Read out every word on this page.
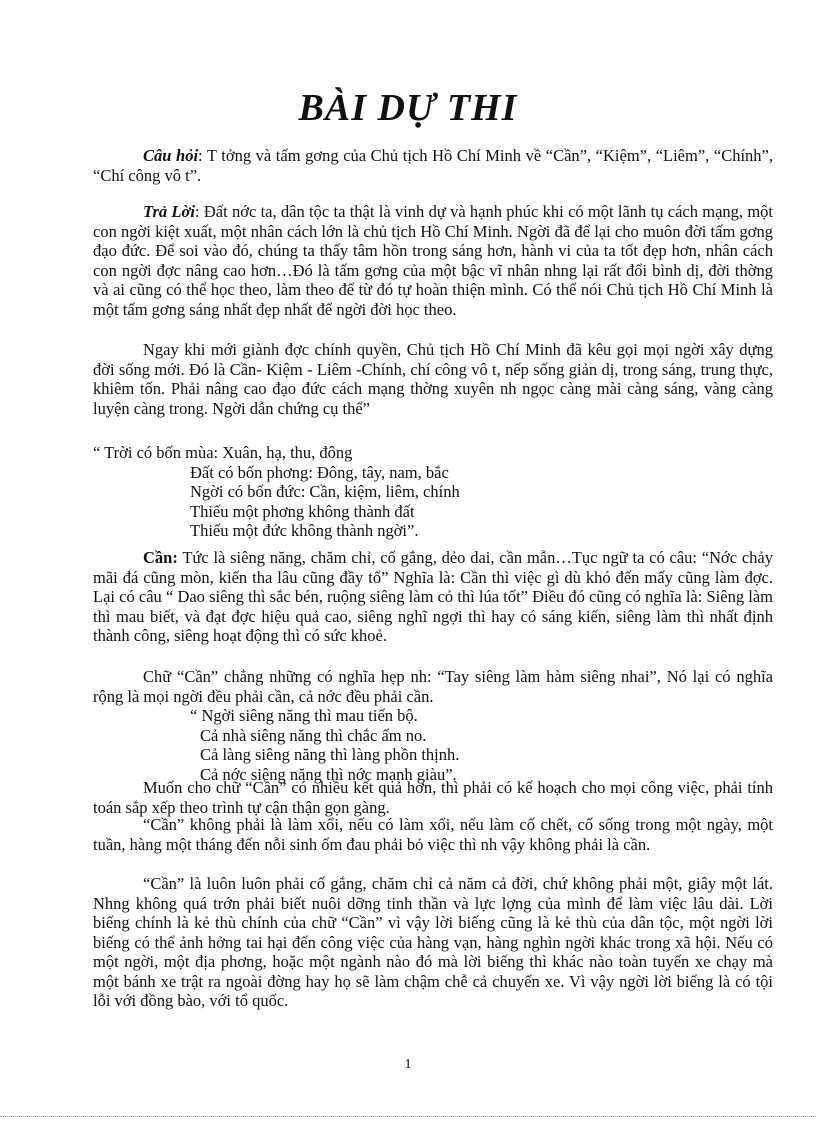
BÀI DỰ THI

Câu hỏi: T tởng và tấm gơng của Chủ tịch Hồ Chí Minh về “Cần”, “Kiệm”, “Liêm”, “Chính”, “Chí công vô t”.

Trả Lời: Đất nớc ta, dân tộc ta thật là vinh dự và hạnh phúc khi có một lãnh tụ cách mạng, một con ngời kiệt xuất, một nhân cách lớn là chủ tịch Hồ Chí Minh. Ngời đã để lại cho muôn đời tấm gơng đạo đức. Để soi vào đó, chúng ta thấy tâm hồn trong sáng hơn, hành vi của ta tốt đẹp hơn, nhân cách con ngời đợc nâng cao hơn…Đó là tấm gơng của một bậc vĩ nhân nhng lại rất đổi bình dị, đời thờng và ai cũng có thể học theo, làm theo để từ đó tự hoàn thiện mình. Có thể nói Chủ tịch Hồ Chí Minh là một tấm gơng sáng nhất đẹp nhất để ngời đời học theo.

Ngay khi mới giành đợc chính quyền, Chủ tịch Hồ Chí Minh đã kêu gọi mọi ngời xây dựng đời sống mới. Đó là Cần- Kiệm - Liêm -Chính, chí công vô t, nếp sống giản dị, trong sáng, trung thực, khiêm tốn. Phải nâng cao đạo đức cách mạng thờng xuyên nh ngọc càng mài càng sáng, vàng càng luyện càng trong. Ngời dẫn chứng cụ thể”

“ Trời có bốn mùa: Xuân, hạ, thu, đông
Đất có bốn phơng: Đông, tây, nam, bắc
Ngời có bốn đức: Cần, kiệm, liêm, chính
Thiếu một phơng không thành đất
Thiếu một đức không thành ngời”.

Cần: Tức là siêng năng, chăm chỉ, cố gắng, dẻo dai, cần mẫn…Tục ngữ ta có câu: “Nớc chảy mãi đá cũng mòn, kiến tha lâu cũng đầy tổ” Nghĩa là: Cần thì việc gì dù khó đến mấy cũng làm đợc. Lại có câu “ Dao siêng thì sắc bén, ruộng siêng làm cỏ thì lúa tốt” Điều đó cũng có nghĩa là: Siêng làm thì mau biết, và đạt đợc hiệu quả cao, siêng nghĩ ngợi thì hay có sáng kiến, siêng làm thì nhất định thành công, siêng hoạt động thì có sức khoẻ.

Chữ “Cần” chẳng những có nghĩa hẹp nh: “Tay siêng làm hàm siêng nhai”, Nó lại có nghĩa rộng là mọi ngời đều phải cần, cả nớc đều phải cần.

“ Ngời siêng năng thì mau tiến bộ.
Cả nhà siêng năng thì chắc ấm no.
Cả làng siêng năng thì làng phồn thịnh.
Cả nớc siêng năng thì nớc mạnh giàu”.

Muốn cho chữ “Cần” có nhiều kết quả hơn, thì phải có kế hoạch cho mọi công việc, phải tính toán sắp xếp theo trình tự cận thận gọn gàng.

“Cần” không phải là làm xổi, nếu có làm xổi, nếu làm cố chết, cố sống trong một ngày, một tuần, hàng một tháng đến nỗi sinh ốm đau phải bỏ việc thì nh vậy không phải là cần.

“Cần” là luôn luôn phải cố gắng, chăm chỉ cả năm cả đời, chứ không phải một, giây một lát. Nhng không quá trớn phải biết nuôi dỡng tinh thần và lực lợng của mình để làm việc lâu dài. Lời biếng chính là kẻ thù chính của chữ “Cần” vì vậy lời biếng cũng là kẻ thù của dân tộc, một ngời lời biếng có thể ảnh hởng tai hại đến công việc của hàng vạn, hàng nghìn ngời khác trong xã hội. Nếu có một ngời, một địa phơng, hoặc một ngành nào đó mà lời biếng thì khác nào toàn tuyến xe chạy mà một bánh xe trật ra ngoài đờng hay họ sẽ làm chậm chễ cả chuyến xe. Vì vậy ngời lời biếng là có tội lỗi với đồng bào, với tổ quốc.

1
